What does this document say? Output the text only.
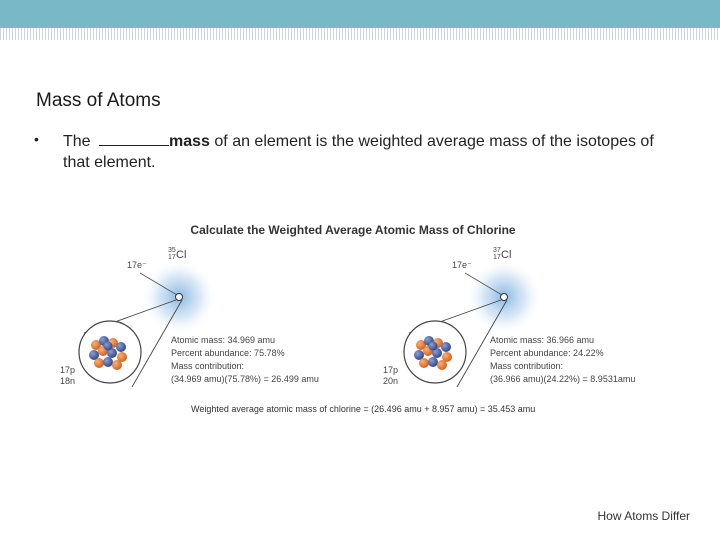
Mass of Atoms
• The	mass of an element is the weighted average mass of the isotopes of that element.
Calculate the Weighted Average Atomic Mass of Chlorine
35
17 Cl
17e⁻
17p
18n
Atomic mass: 34.969 amu
Percent abundance: 75.78%
Mass contribution:
(34.969 amu)(75.78%) = 26.499 amu
37
17 Cl
17e⁻
17p
20n
Atomic mass: 36.966 amu
Percent abundance: 24.22%
Mass contribution:
(36.966 amu)(24.22%) = 8.9531amu
Weighted average atomic mass of chlorine = (26.496 amu + 8.957 amu) = 35.453 amu
How Atoms Differ
